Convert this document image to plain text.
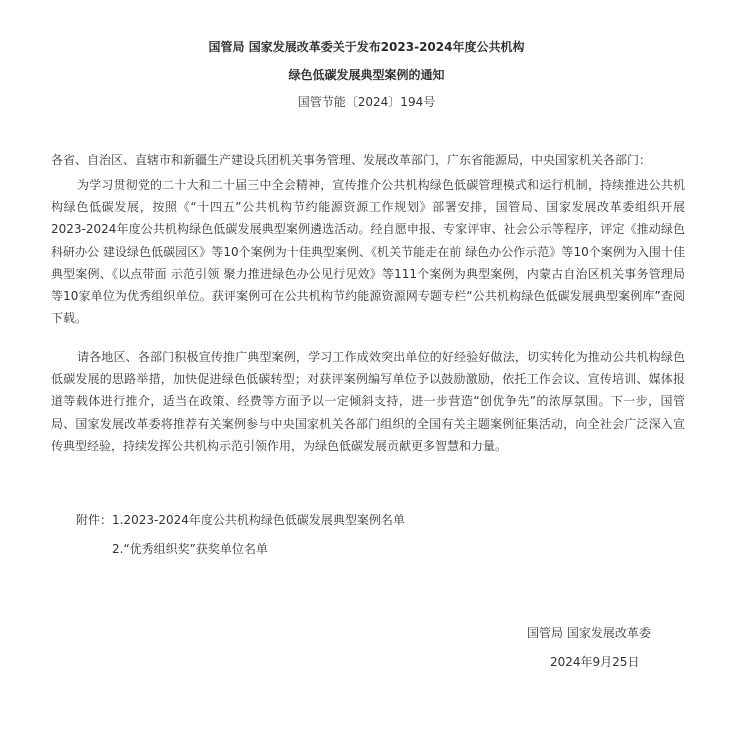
国管局 国家发展改革委关于发布2023-2024年度公共机构
绿色低碳发展典型案例的通知
国管节能〔2024〕194号
各省、自治区、直辖市和新疆生产建设兵团机关事务管理、发展改革部门，广东省能源局，中央国家机关各部门：

为学习贯彻党的二十大和二十届三中全会精神，宣传推介公共机构绿色低碳管理模式和运行机制，持续推进公共机构绿色低碳发展，按照《“十四五”公共机构节约能源资源工作规划》部署安排，国管局、国家发展改革委组织开展2023-2024年度公共机构绿色低碳发展典型案例遴选活动。经自愿申报、专家评审、社会公示等程序，评定《推动绿色科研办公 建设绿色低碳园区》等10个案例为十佳典型案例、《机关节能走在前 绿色办公作示范》等10个案例为入围十佳典型案例、《以点带面 示范引领 聚力推进绿色办公见行见效》等111个案例为典型案例，内蒙古自治区机关事务管理局等10家单位为优秀组织单位。获评案例可在公共机构节约能源资源网专题专栏“公共机构绿色低碳发展典型案例库”查阅下载。

请各地区、各部门积极宣传推广典型案例，学习工作成效突出单位的好经验好做法，切实转化为推动公共机构绿色低碳发展的思路举措，加快促进绿色低碳转型；对获评案例编写单位予以鼓励激励，依托工作会议、宣传培训、媒体报道等载体进行推介，适当在政策、经费等方面予以一定倾斜支持，进一步营造“创优争先”的浓厚氛围。下一步，国管局、国家发展改革委将推荐有关案例参与中央国家机关各部门组织的全国有关主题案例征集活动，向全社会广泛深入宣传典型经验，持续发挥公共机构示范引领作用，为绿色低碳发展贡献更多智慧和力量。

附件：1.2023-2024年度公共机构绿色低碳发展典型案例名单
2.“优秀组织奖”获奖单位名单
国管局 国家发展改革委
2024年9月25日
